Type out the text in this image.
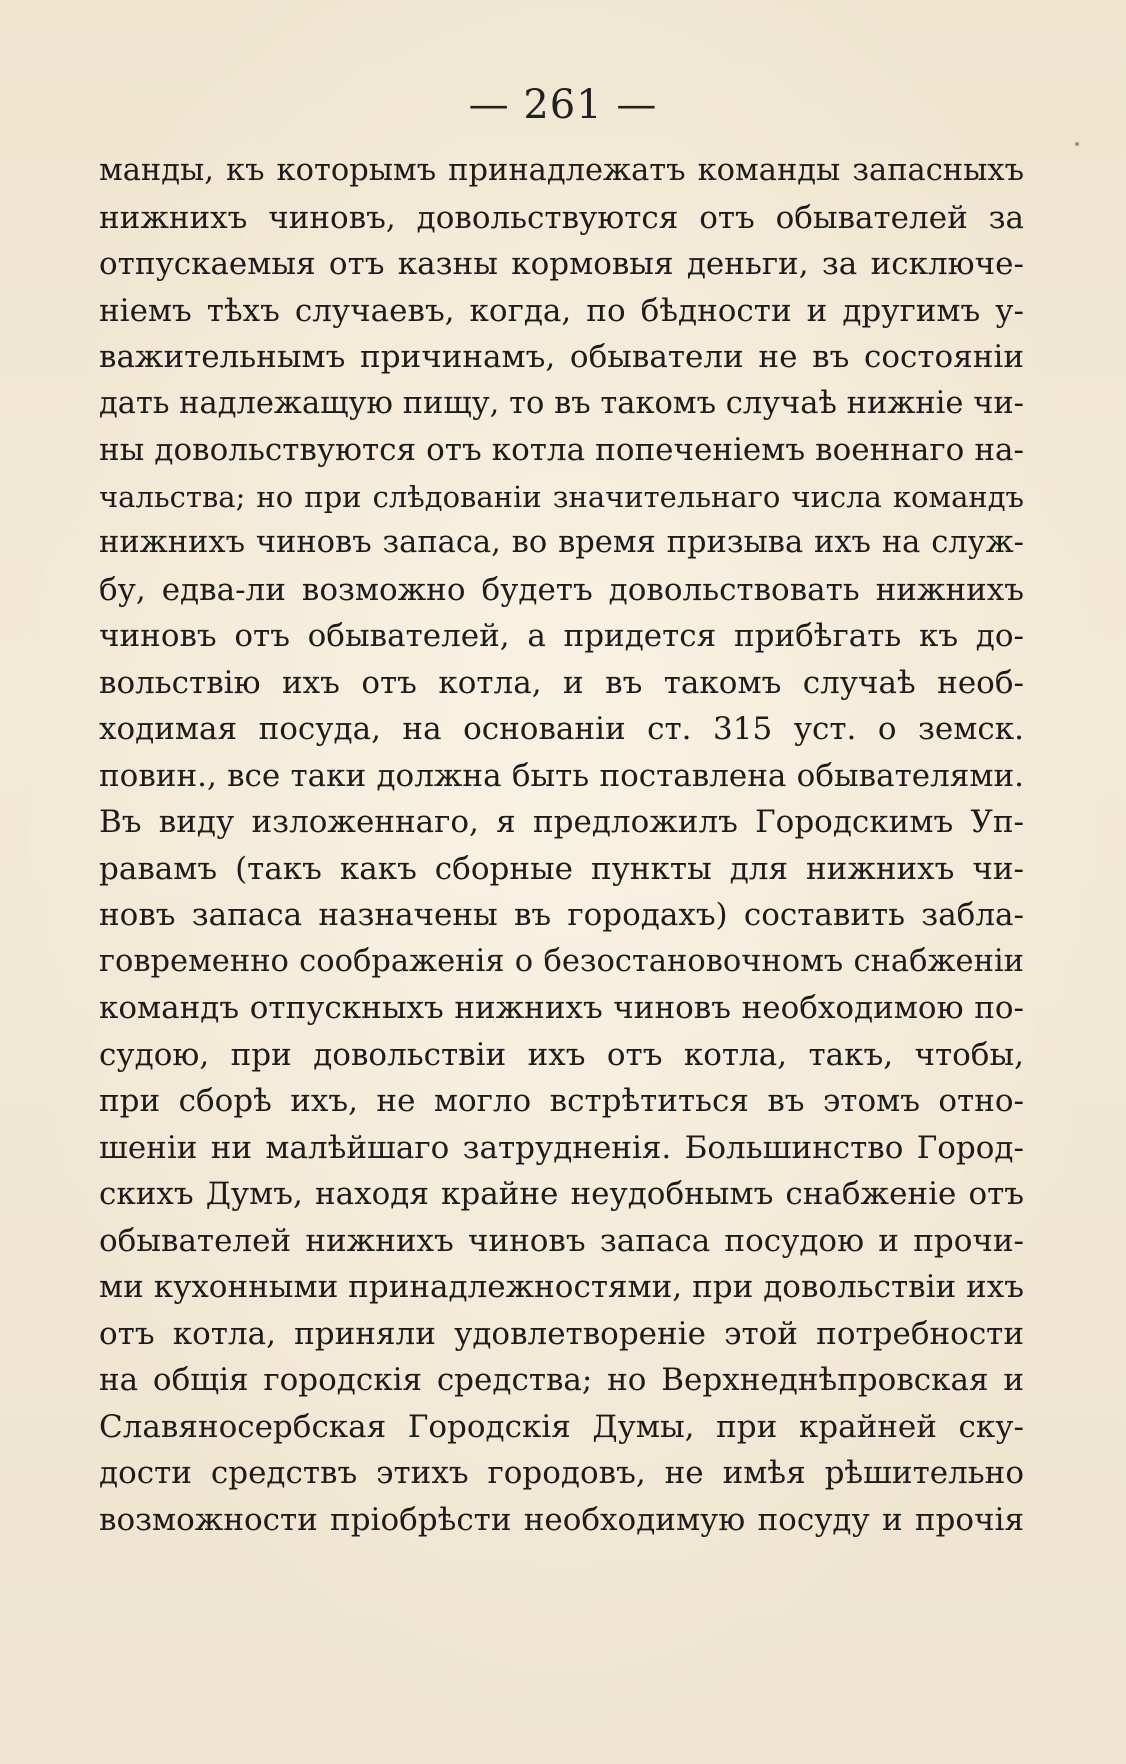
— 261 —
манды, къ которымъ принадлежатъ команды запасныхъ
нижнихъ чиновъ, довольствуются отъ обывателей за
отпускаемыя отъ казны кормовыя деньги, за исключе-
ніемъ тѣхъ случаевъ, когда, по бѣдности и другимъ у-
важительнымъ причинамъ, обыватели не въ состояніи
дать надлежащую пищу, то въ такомъ случаѣ нижніе чи-
ны довольствуются отъ котла попеченіемъ военнаго на-
чальства; но при слѣдованіи значительнаго числа командъ
нижнихъ чиновъ запаса, во время призыва ихъ на служ-
бу, едва-ли возможно будетъ довольствовать нижнихъ
чиновъ отъ обывателей, а придется прибѣгать къ до-
вольствію ихъ отъ котла, и въ такомъ случаѣ необ-
ходимая посуда, на основаніи ст. 315 уст. о земск.
повин., все таки должна быть поставлена обывателями.
Въ виду изложеннаго, я предложилъ Городскимъ Уп-
равамъ (такъ какъ сборные пункты для нижнихъ чи-
новъ запаса назначены въ городахъ) составить забла-
говременно соображенія о безостановочномъ снабженіи
командъ отпускныхъ нижнихъ чиновъ необходимою по-
судою, при довольствіи ихъ отъ котла, такъ, чтобы,
при сборѣ ихъ, не могло встрѣтиться въ этомъ отно-
шеніи ни малѣйшаго затрудненія. Большинство Город-
скихъ Думъ, находя крайне неудобнымъ снабженіе отъ
обывателей нижнихъ чиновъ запаса посудою и прочи-
ми кухонными принадлежностями, при довольствіи ихъ
отъ котла, приняли удовлетвореніе этой потребности
на общія городскія средства; но Верхнеднѣпровская и
Славяносербская Городскія Думы, при крайней ску-
дости средствъ этихъ городовъ, не имѣя рѣшительно
возможности пріобрѣсти необходимую посуду и прочія
